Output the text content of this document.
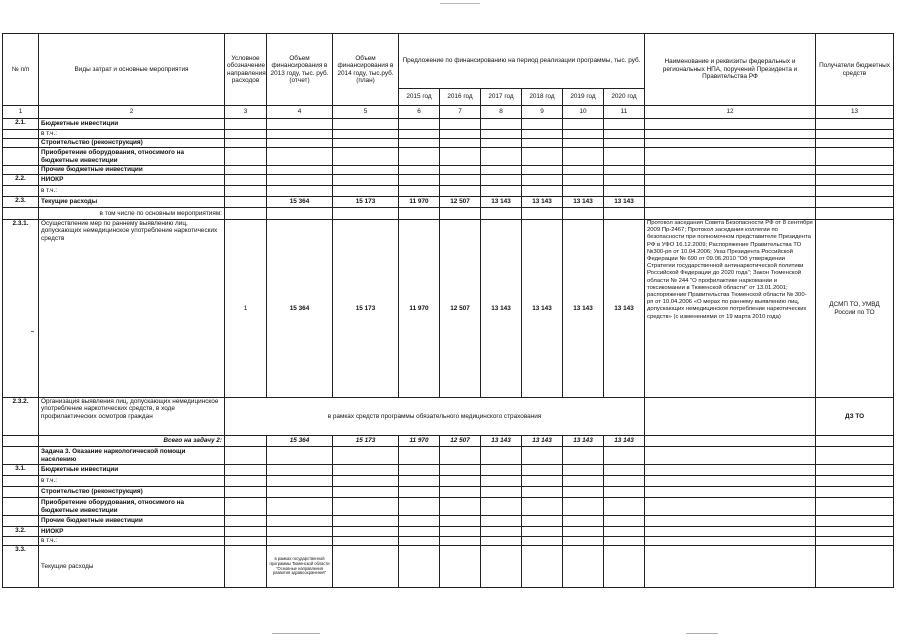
№ п/п	Виды затрат и основные мероприятия	Условное обозначение направления расходов	Объем финансирования в 2013 году, тыс. руб. (отчет)	Объем финансирования в 2014 году, тыс.руб. (план)	Предложение по финансированию на период реализации программы, тыс. руб.						Наименование и реквизиты федеральных и региональных НПА, поручений Президента и Правительства РФ	Получатели бюджетных средств
					2015 год	2016 год	2017 год	2018 год	2019 год	2020 год		
1	2	3	4	5	6	7	8	9	10	11	12	13
2.1.	Бюджетные инвестиции											
	в т.ч.:											
	Строительство (реконструкция)											
	Приобретение оборудования, относимого на бюджетные инвестиции											
	Прочие бюджетные инвестиции											
2.2.	НИОКР											
	в т.ч.:											
2.3.	Текущие расходы		15 364	15 173	11 970	12 507	13 143	13 143	13 143	13 143		
	в том числе по основным мероприятиям:											
2.3.1.	Осуществление мер по раннему выявлению лиц, допускающих немедицинское употребление наркотических средств	1	15 364	15 173	11 970	12 507	13 143	13 143	13 143	13 143	Протокол заседания Совета Безопасности РФ от 8 сентября 2009 Пр-2467; Протокол заседания коллегии по безопасности при полномочном представителе Президента РФ в УФО 16.12.2009; Распоряжение Правительства ТО №300-рп от 10.04.2006; Указ Президента Российской Федерации № 690 от 09.06.2010 "Об утверждении Стратегии государственной антинаркотической политики Российской Федерации до 2020 года"; Закон Тюменской области № 244 "О профилактике наркомании и токсикомании в Тюменской области" от 13.01.2001; распоряжение Правительства Тюменской области № 300-рп от 10.04.2006 «О мерах по раннему выявлению лиц, допускающих немедицинское потребление наркотических средств» (с изменениями от 19 марта 2010 года)	ДСМП ТО, УМВД России по ТО
2.3.2.	Организация выявления лиц, допускающих немедицинское употребление наркотических средств, в ходе профилактических осмотров граждан	в рамках средств программы обязательного медицинского страхования										ДЗ ТО
	Всего на задачу 2:		15 364	15 173	11 970	12 507	13 143	13 143	13 143	13 143		
	Задача 3. Оказание наркологической помощи населению											
3.1.	Бюджетные инвестиции											
	в т.ч.:											
	Строительство (реконструкция)											
	Приобретение оборудования, относимого на бюджетные инвестиции											
	Прочие бюджетные инвестиции											
3.2.	НИОКР											
	в т.ч.:											
3.3.	Текущие расходы		в рамках государственной программы Тюменской области "Основные направления развития здравоохранения"									
